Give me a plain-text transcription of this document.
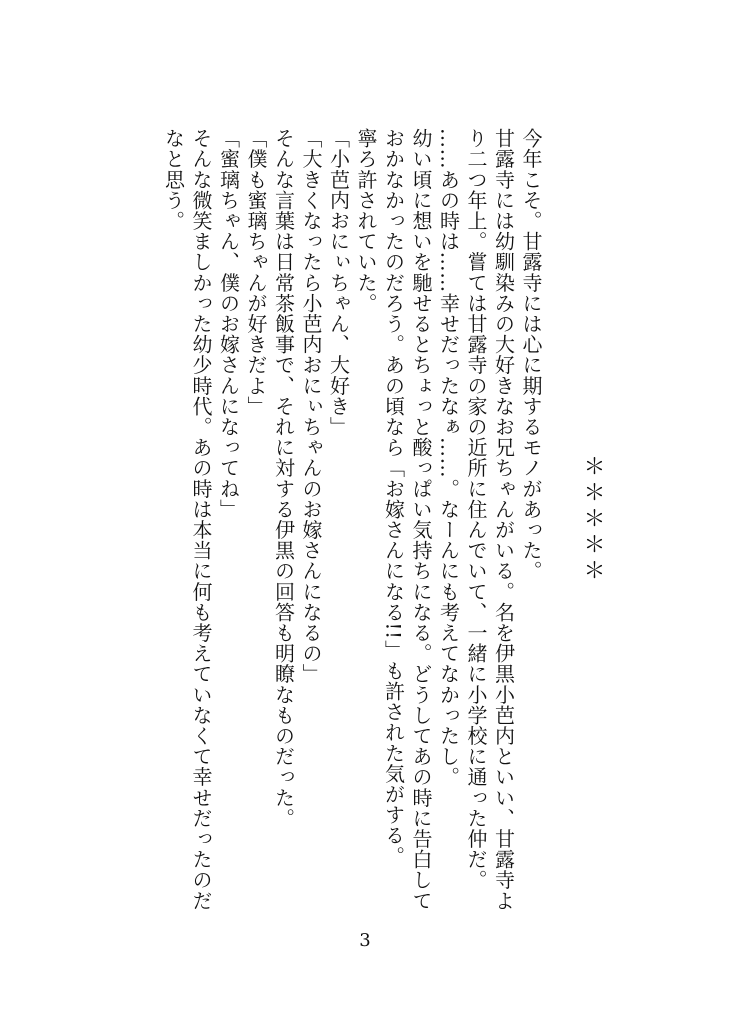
＊＊＊＊＊

今年こそ。甘露寺には心に期するモノがあった。

甘露寺には幼馴染みの大好きなお兄ちゃんがいる。名を伊黒小芭内といい、甘露寺より二つ年上。嘗ては甘露寺の家の近所に住んでいて、一緒に小学校に通った仲だ。

……あの時は……幸せだったなぁ……。なーんにも考えてなかったし。

幼い頃に想いを馳せるとちょっと酸っぱい気持ちになる。どうしてあの時に告白しておかなかったのだろう。あの頃なら「お嫁さんになる!!」も許された気がする。

寧ろ許されていた。

「小芭内おにぃちゃん、大好き」

「大きくなったら小芭内おにぃちゃんのお嫁さんになるの」

そんな言葉は日常茶飯事で、それに対する伊黒の回答も明瞭なものだった。

「僕も蜜璃ちゃんが好きだよ」

「蜜璃ちゃん、僕のお嫁さんになってね」

そんな微笑ましかった幼少時代。あの時は本当に何も考えていなくて幸せだったのだなと思う。

3
